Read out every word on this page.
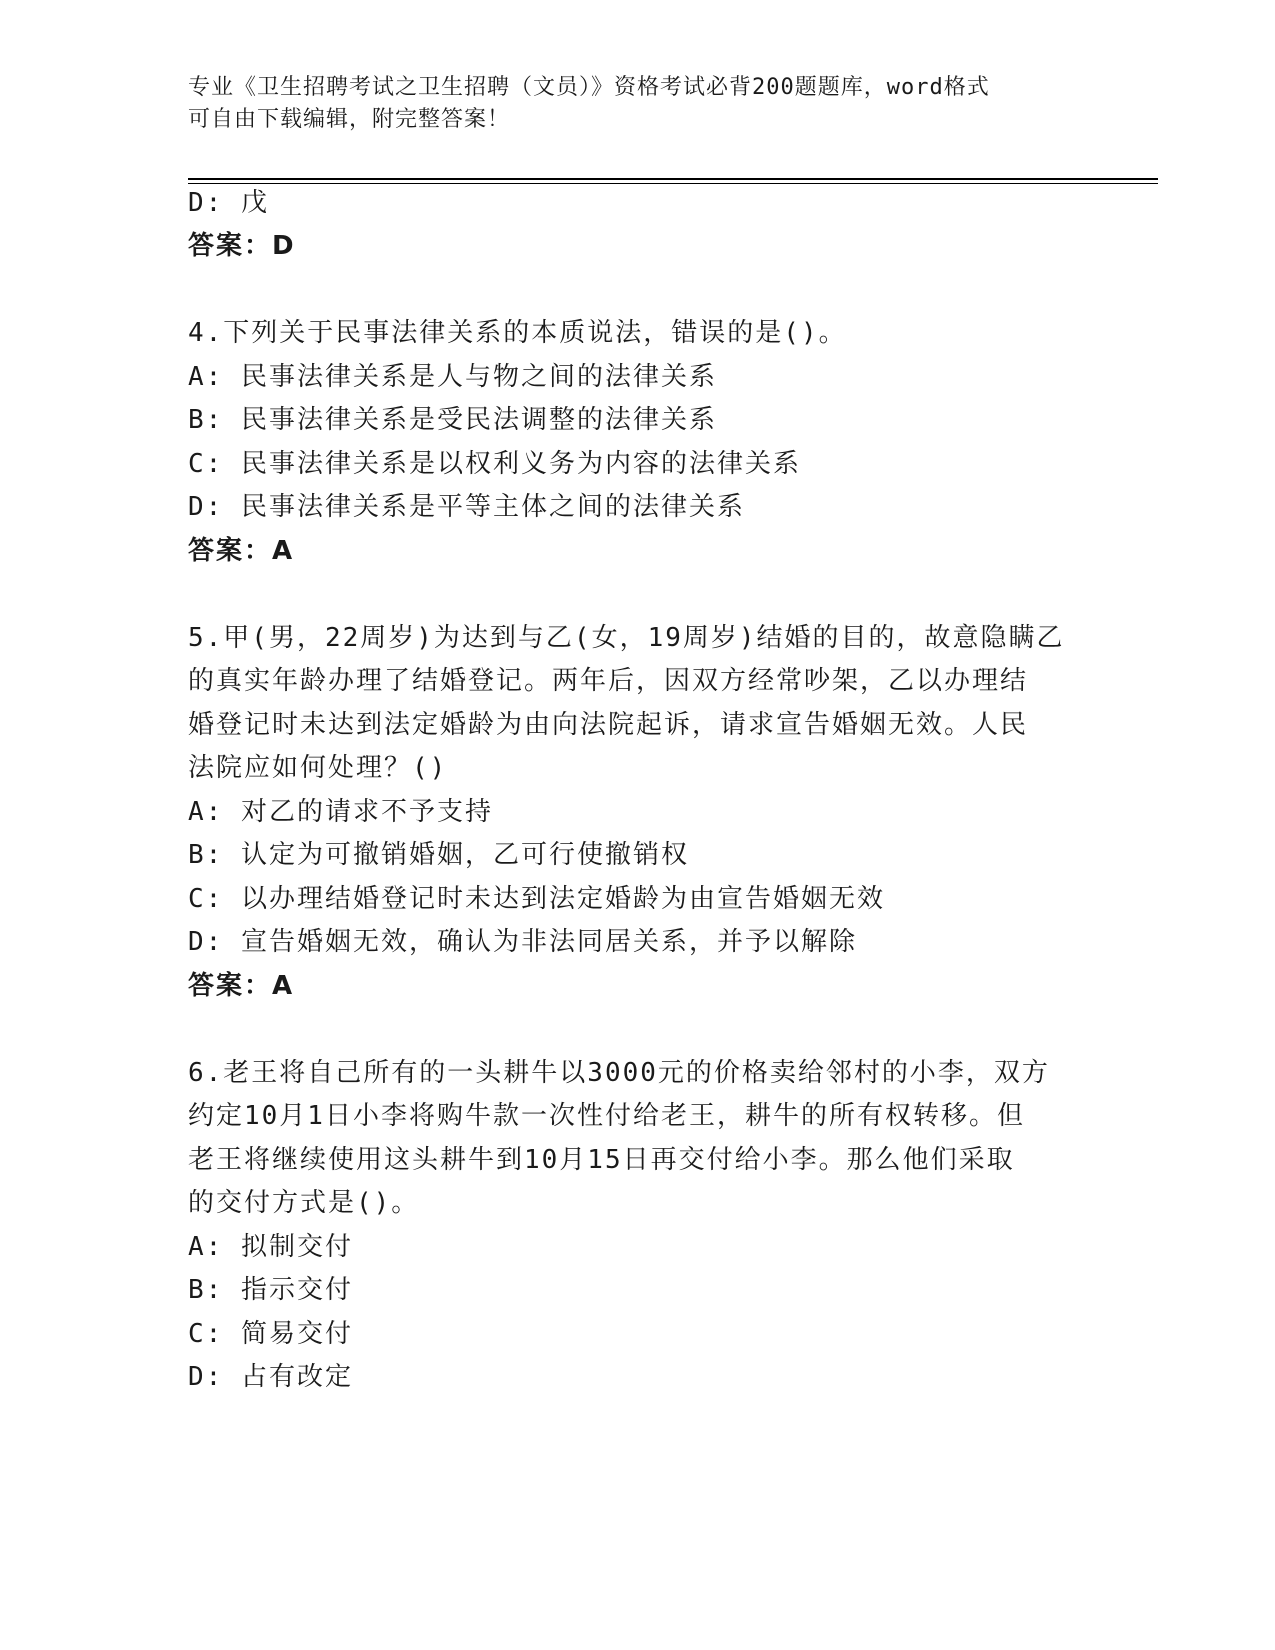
专业《卫生招聘考试之卫生招聘（文员）》资格考试必背200题题库，word格式
可自由下载编辑，附完整答案！
D: 戊
答案：D
4.下列关于民事法律关系的本质说法，错误的是()。
A: 民事法律关系是人与物之间的法律关系
B: 民事法律关系是受民法调整的法律关系
C: 民事法律关系是以权利义务为内容的法律关系
D: 民事法律关系是平等主体之间的法律关系
答案：A
5.甲(男，22周岁)为达到与乙(女，19周岁)结婚的目的，故意隐瞒乙
的真实年龄办理了结婚登记。两年后，因双方经常吵架，乙以办理结
婚登记时未达到法定婚龄为由向法院起诉，请求宣告婚姻无效。人民
法院应如何处理？()
A: 对乙的请求不予支持
B: 认定为可撤销婚姻，乙可行使撤销权
C: 以办理结婚登记时未达到法定婚龄为由宣告婚姻无效
D: 宣告婚姻无效，确认为非法同居关系，并予以解除
答案：A
6.老王将自己所有的一头耕牛以3000元的价格卖给邻村的小李，双方
约定10月1日小李将购牛款一次性付给老王，耕牛的所有权转移。但
老王将继续使用这头耕牛到10月15日再交付给小李。那么他们采取
的交付方式是()。
A: 拟制交付
B: 指示交付
C: 简易交付
D: 占有改定
